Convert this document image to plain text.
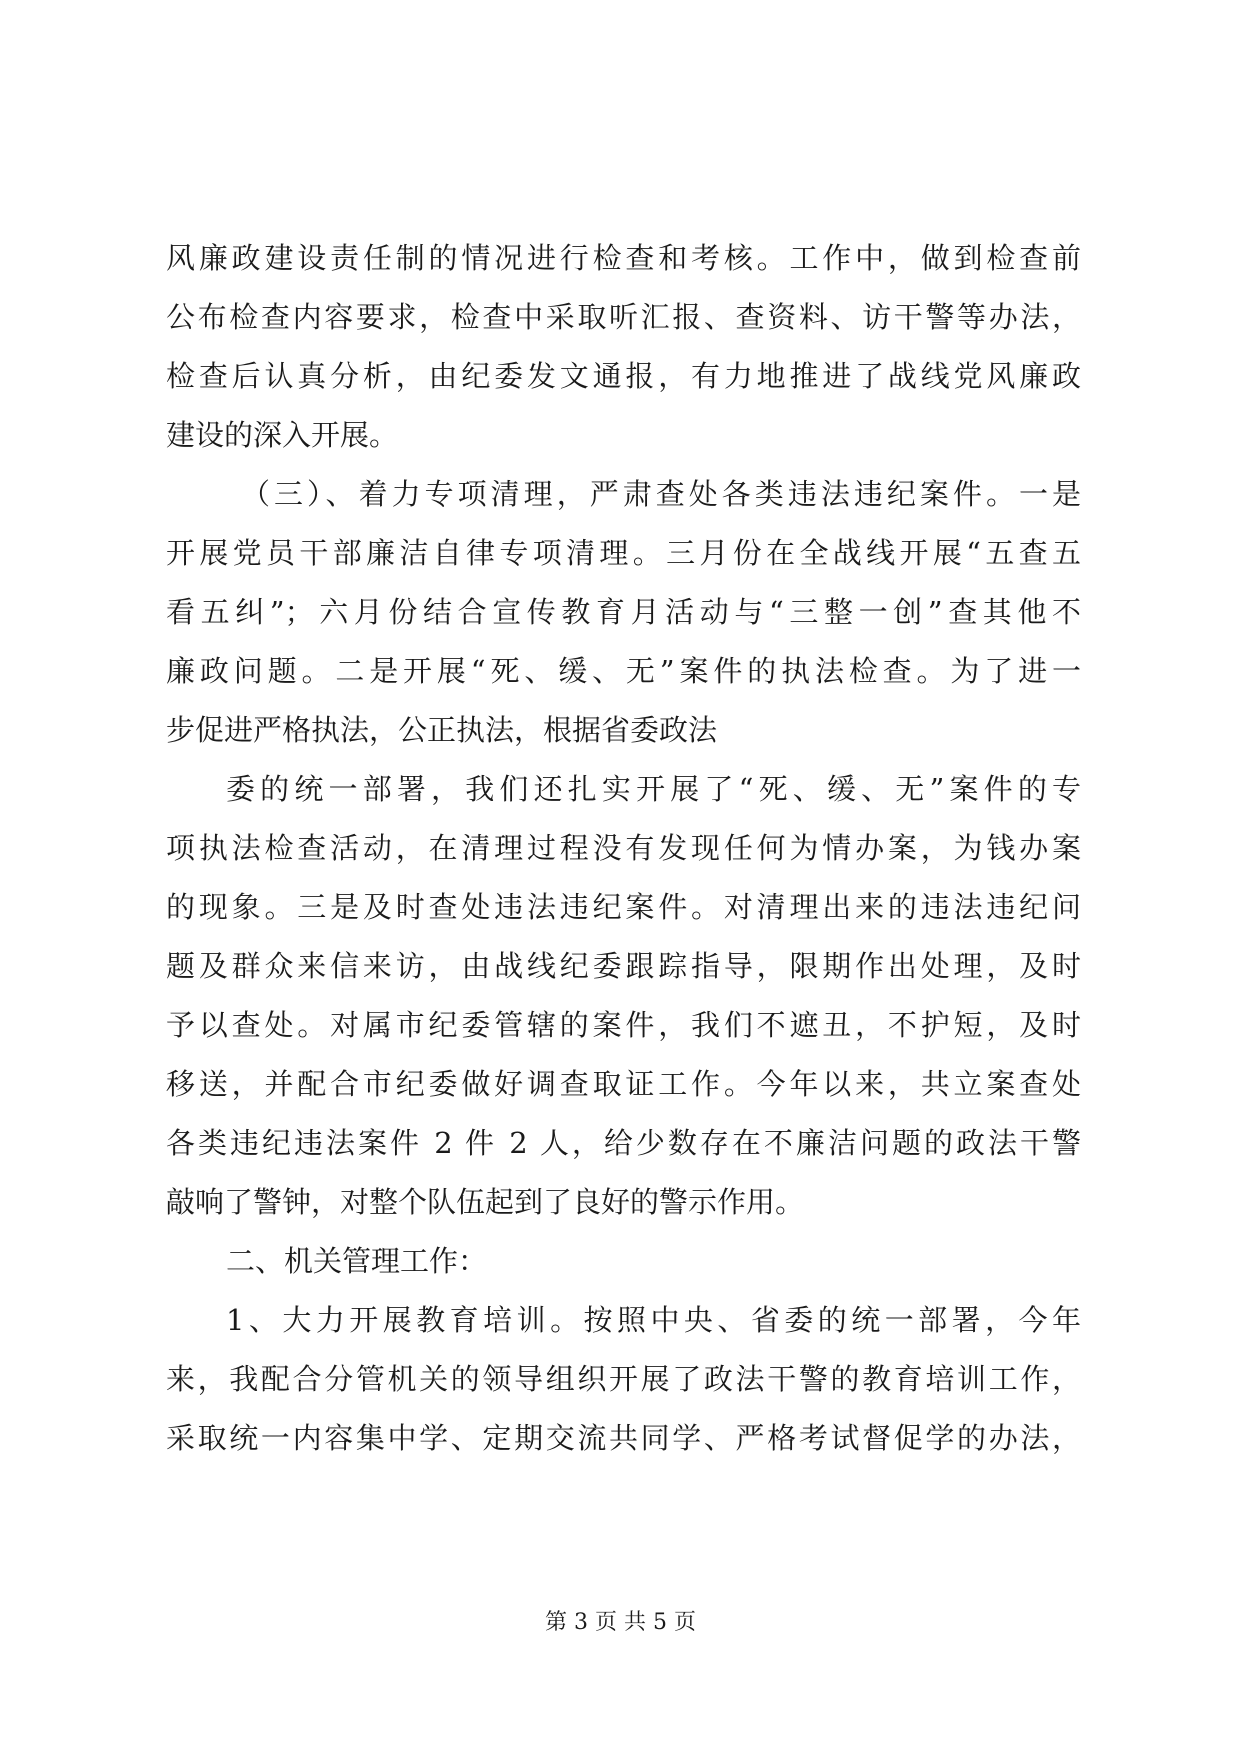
风廉政建设责任制的情况进行检查和考核。工作中，做到检查前
公布检查内容要求，检查中采取听汇报、查资料、访干警等办法，
检查后认真分析，由纪委发文通报，有力地推进了战线党风廉政
建设的深入开展。
（三）、着力专项清理，严肃查处各类违法违纪案件。一是
开展党员干部廉洁自律专项清理。三月份在全战线开展“五查五
看五纠”；六月份结合宣传教育月活动与“三整一创”查其他不
廉政问题。二是开展“死、缓、无”案件的执法检查。为了进一
步促进严格执法，公正执法，根据省委政法
委的统一部署，我们还扎实开展了“死、缓、无”案件的专
项执法检查活动，在清理过程没有发现任何为情办案，为钱办案
的现象。三是及时查处违法违纪案件。对清理出来的违法违纪问
题及群众来信来访，由战线纪委跟踪指导，限期作出处理，及时
予以查处。对属市纪委管辖的案件，我们不遮丑，不护短，及时
移送，并配合市纪委做好调查取证工作。今年以来，共立案查处
各类违纪违法案件 2 件 2 人，给少数存在不廉洁问题的政法干警
敲响了警钟，对整个队伍起到了良好的警示作用。
二、机关管理工作：
1、大力开展教育培训。按照中央、省委的统一部署，今年
来，我配合分管机关的领导组织开展了政法干警的教育培训工作，
采取统一内容集中学、定期交流共同学、严格考试督促学的办法，
第 3 页 共 5 页
